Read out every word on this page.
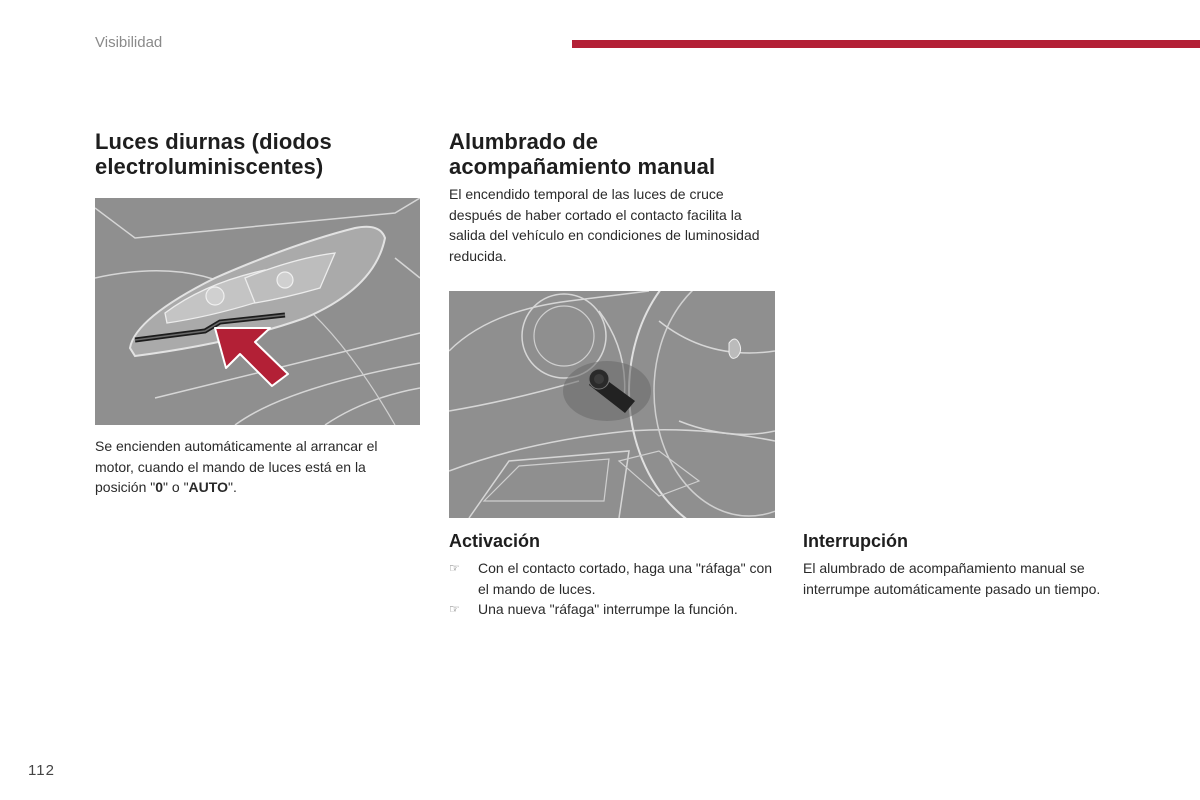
Visibilidad
Luces diurnas (diodos
electroluminiscentes)

Se encienden automáticamente al arrancar el motor, cuando el mando de luces está en la posición "0" o "AUTO".

Alumbrado de
acompañamiento manual

El encendido temporal de las luces de cruce después de haber cortado el contacto facilita la salida del vehículo en condiciones de luminosidad reducida.

Activación
☞ Con el contacto cortado, haga una "ráfaga" con el mando de luces.
☞ Una nueva "ráfaga" interrumpe la función.
Interrupción

El alumbrado de acompañamiento manual se interrumpe automáticamente pasado un tiempo.

112
